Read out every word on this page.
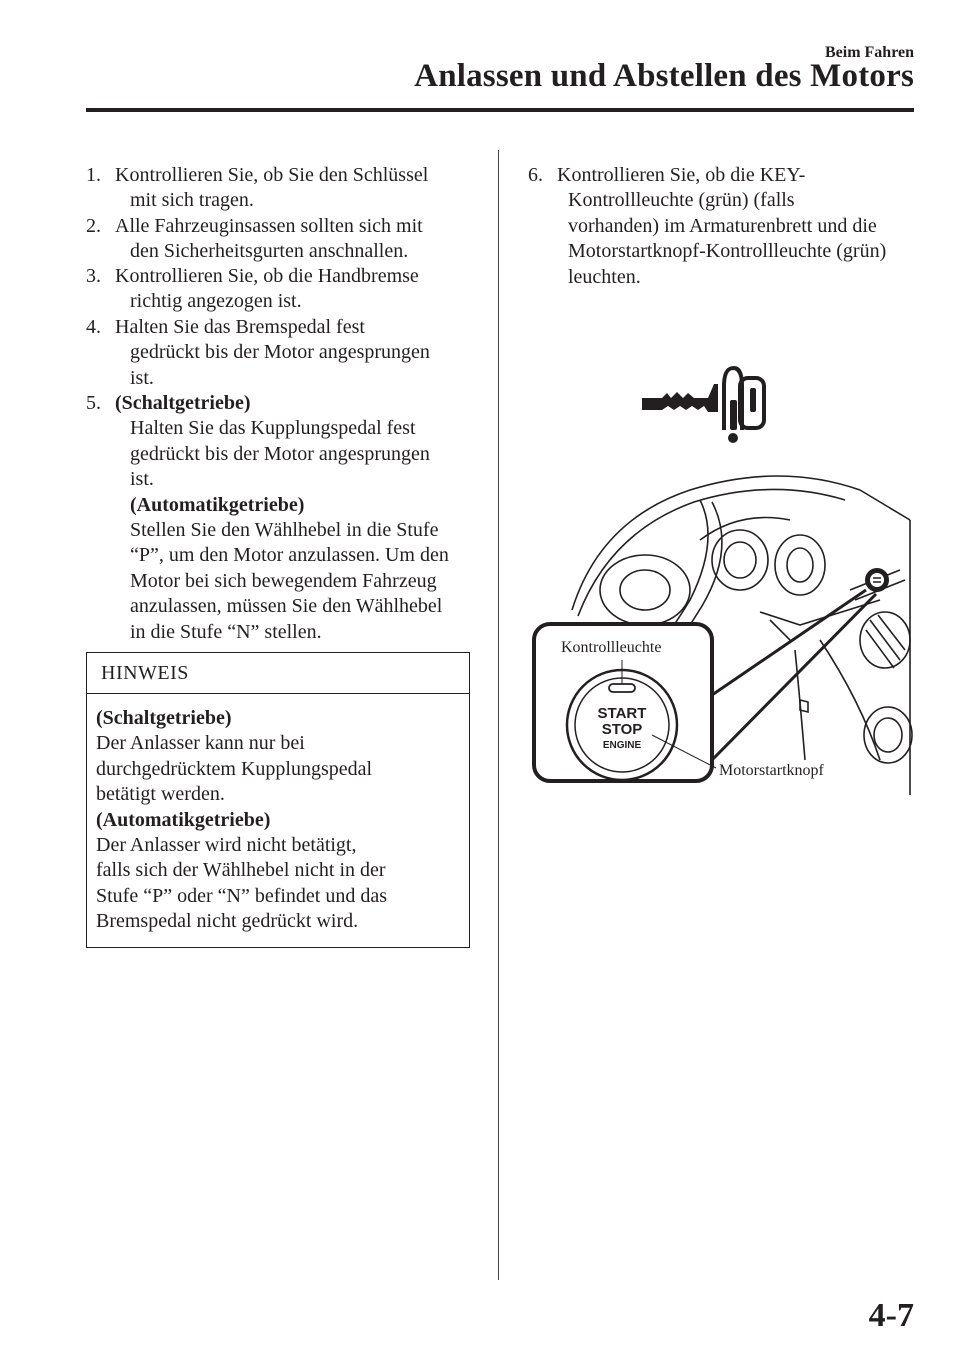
Beim Fahren
Anlassen und Abstellen des Motors
1. Kontrollieren Sie, ob Sie den Schlüssel
mit sich tragen.
2. Alle Fahrzeuginsassen sollten sich mit
den Sicherheitsgurten anschnallen.
3. Kontrollieren Sie, ob die Handbremse
richtig angezogen ist.
4. Halten Sie das Bremspedal fest
gedrückt bis der Motor angesprungen
ist.
5. (Schaltgetriebe)
Halten Sie das Kupplungspedal fest
gedrückt bis der Motor angesprungen
ist.
(Automatikgetriebe)
Stellen Sie den Wählhebel in die Stufe
“P”, um den Motor anzulassen. Um den
Motor bei sich bewegendem Fahrzeug
anzulassen, müssen Sie den Wählhebel
in die Stufe “N” stellen.
HINWEIS
(Schaltgetriebe)
Der Anlasser kann nur bei
durchgedrücktem Kupplungspedal
betätigt werden.
(Automatikgetriebe)
Der Anlasser wird nicht betätigt,
falls sich der Wählhebel nicht in der
Stufe “P” oder “N” befindet und das
Bremspedal nicht gedrückt wird.
6. Kontrollieren Sie, ob die KEY-
Kontrollleuchte (grün) (falls
vorhanden) im Armaturenbrett und die
Motorstartknopf-Kontrollleuchte (grün)
leuchten.
START
STOP
ENGINE
Kontrollleuchte
Motorstartknopf
4-7
